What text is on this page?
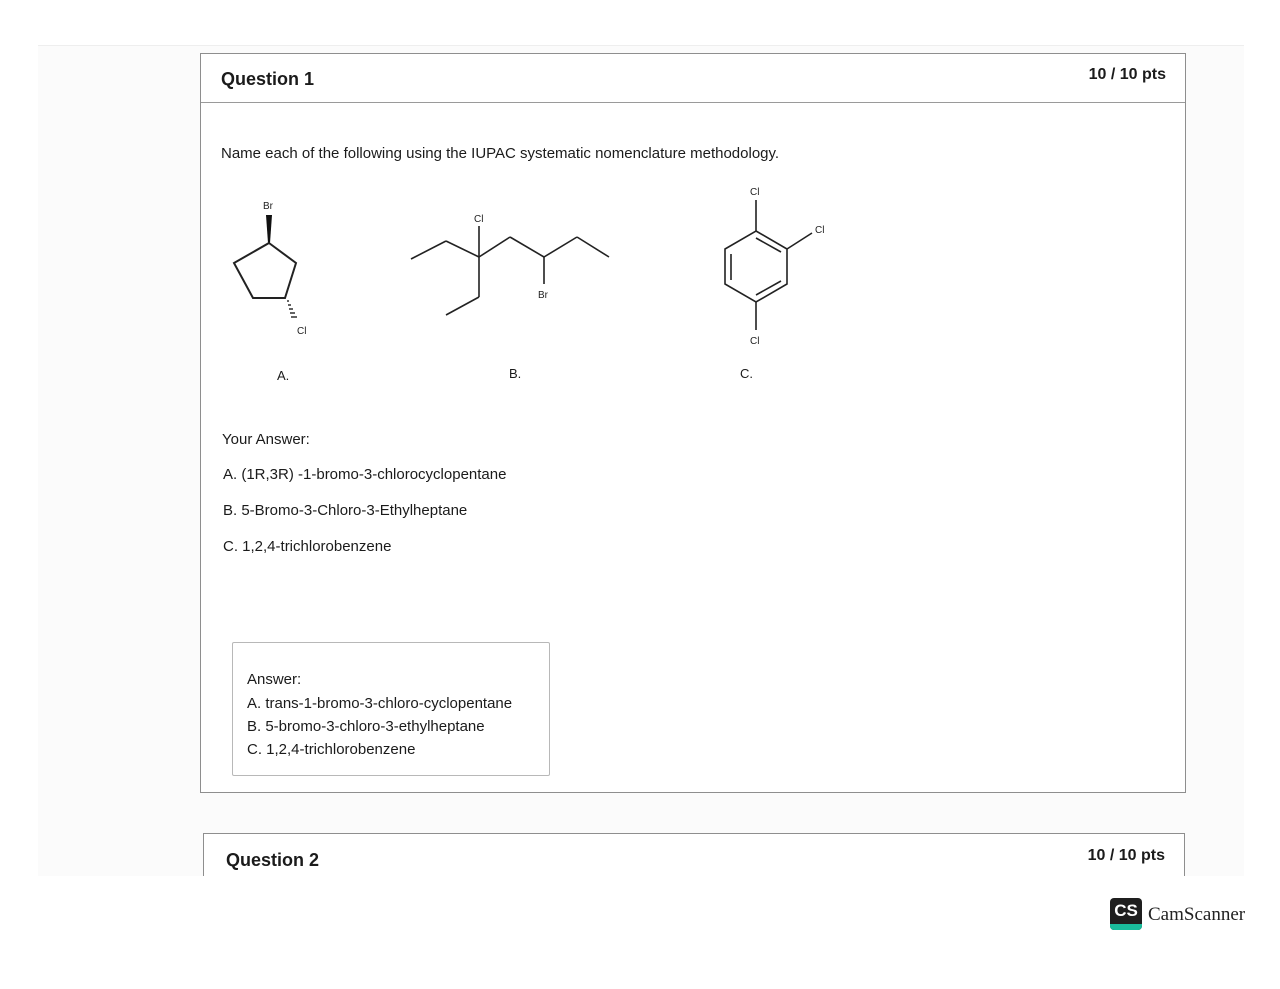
Question 1	10 / 10 pts
Name each of the following using the IUPAC systematic nomenclature methodology.
Br
Cl
Cl
Br
Cl
Cl
Cl
A.	B.	C.
Your Answer:
A. (1R,3R) -1-bromo-3-chlorocyclopentane
B. 5-Bromo-3-Chloro-3-Ethylheptane
C. 1,2,4-trichlorobenzene
Answer:
A. trans-1-bromo-3-chloro-cyclopentane
B. 5-bromo-3-chloro-3-ethylheptane
C. 1,2,4-trichlorobenzene
Question 2	10 / 10 pts
CS CamScanner
